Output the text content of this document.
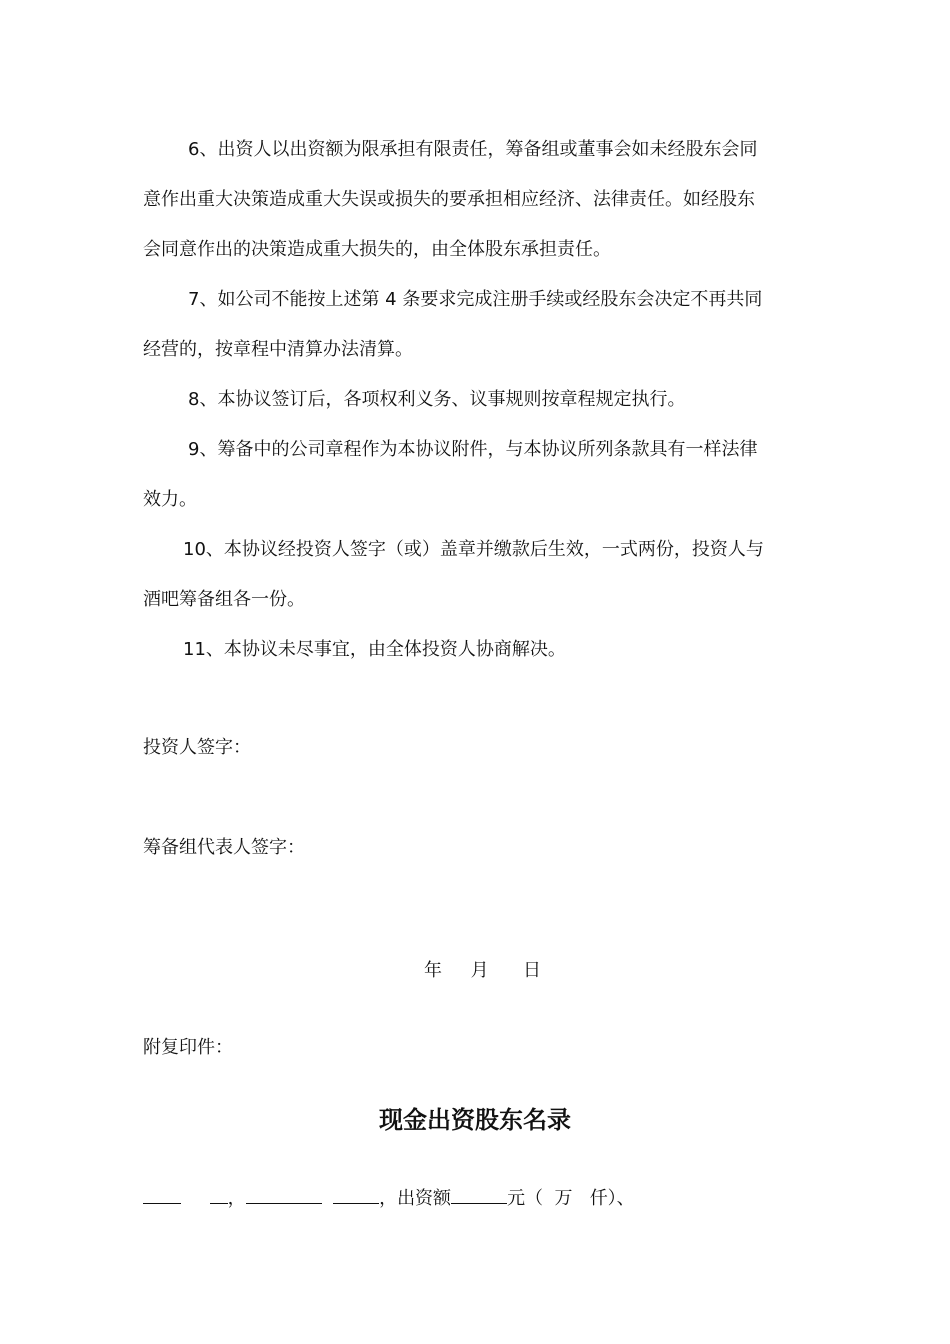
6、出资人以出资额为限承担有限责任，筹备组或董事会如未经股东会同
意作出重大决策造成重大失误或损失的要承担相应经济、法律责任。如经股东
会同意作出的决策造成重大损失的，由全体股东承担责任。
7、如公司不能按上述第 4 条要求完成注册手续或经股东会决定不再共同
经营的，按章程中清算办法清算。
8、本协议签订后，各项权利义务、议事规则按章程规定执行。
9、筹备中的公司章程作为本协议附件，与本协议所列条款具有一样法律
效力。
10、本协议经投资人签字（或）盖章并缴款后生效，一式两份，投资人与
酒吧筹备组各一份。
11、本协议未尽事宜，由全体投资人协商解决。
投资人签字：
筹备组代表人签字：
年 月 日
附复印件：
现金出资股东名录
，	，出资额	元（ 万 仟）、
